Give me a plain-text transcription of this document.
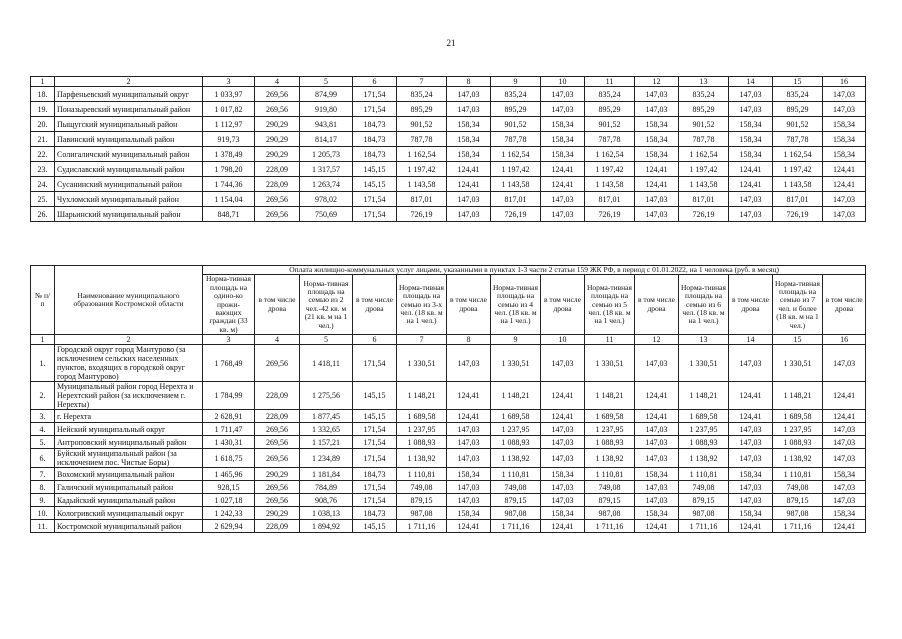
21
1	2	3	4	5	6	7	8	9	10	11	12	13	14	15	16
18.	Парфеньевский муниципальный округ	1 033,97	269,56	874,99	171,54	835,24	147,03	835,24	147,03	835,24	147,03	835,24	147,03	835,24	147,03
19.	Поназыревский муниципальный район	1 017,82	269,56	919,80	171,54	895,29	147,03	895,29	147,03	895,29	147,03	895,29	147,03	895,29	147,03
20.	Пыщугский муниципальный район	1 112,97	290,29	943,81	184,73	901,52	158,34	901,52	158,34	901,52	158,34	901,52	158,34	901,52	158,34
21.	Павинский муниципальный район	919,73	290,29	814,17	184,73	787,78	158,34	787,78	158,34	787,78	158,34	787,78	158,34	787,78	158,34
22.	Солигаличский муниципальный район	1 378,49	290,29	1 205,73	184,73	1 162,54	158,34	1 162,54	158,34	1 162,54	158,34	1 162,54	158,34	1 162,54	158,34
23.	Судиславский муниципальный район	1 798,20	228,09	1 317,57	145,15	1 197,42	124,41	1 197,42	124,41	1 197,42	124,41	1 197,42	124,41	1 197,42	124,41
24.	Сусанинский муниципальный район	1 744,36	228,09	1 263,74	145,15	1 143,58	124,41	1 143,58	124,41	1 143,58	124,41	1 143,58	124,41	1 143,58	124,41
25.	Чухломский муниципальный район	1 154,04	269,56	978,02	171,54	817,01	147,03	817,01	147,03	817,01	147,03	817,01	147,03	817,01	147,03
26.	Шарьинский муниципальный район	848,71	269,56	750,69	171,54	726,19	147,03	726,19	147,03	726,19	147,03	726,19	147,03	726,19	147,03
№ п/п	Наименование муниципального образования Костромской области	Оплата жилищно-коммунальных услуг лицами, указанными в пунктах 1-3 части 2 статьи 159 ЖК РФ, в период с 01.01.2022, на 1 человека (руб. в месяц)													
		Норма-тивная площадь на одино-ко прожи-вающих граждан (33 кв. м)	в том числе дрова	Норма-тивная площадь на семью из 2 чел.-42 кв. м (21 кв. м на 1 чел.)	в том числе дрова	Норма-тивная площадь на семью из 3-х чел. (18 кв. м на 1 чел.)	в том числе дрова	Норма-тивная площадь на семью из 4 чел. (18 кв. м на 1 чел.)	в том числе дрова	Норма-тивная площадь на семью из 5 чел. (18 кв. м на 1 чел.)	в том числе дрова	Норма-тивная площадь на семью из 6 чел. (18 кв. м на 1 чел.)	в том числе дрова	Норма-тивная площадь на семью из 7 чел. и более (18 кв. м на 1 чел.)	в том числе дрова
1	2	3	4	5	6	7	8	9	10	11	12	13	14	15	16
1.	Городской округ город Мантурово (за исключением сельских населенных пунктов, входящих в городской округ город Мантурово)	1 768,49	269,56	1 418,11	171,54	1 330,51	147,03	1 330,51	147,03	1 330,51	147,03	1 330,51	147,03	1 330,51	147,03
2.	Муниципальный район город Нерехта и Нерехтский район (за исключением г. Нерехты)	1 784,99	228,09	1 275,56	145,15	1 148,21	124,41	1 148,21	124,41	1 148,21	124,41	1 148,21	124,41	1 148,21	124,41
3.	г. Нерехта	2 628,91	228,09	1 877,45	145,15	1 689,58	124,41	1 689,58	124,41	1 689,58	124,41	1 689,58	124,41	1 689,58	124,41
4.	Нейский муниципальный округ	1 711,47	269,56	1 332,65	171,54	1 237,95	147,03	1 237,95	147,03	1 237,95	147,03	1 237,95	147,03	1 237,95	147,03
5.	Антроповский муниципальный район	1 430,31	269,56	1 157,21	171,54	1 088,93	147,03	1 088,93	147,03	1 088,93	147,03	1 088,93	147,03	1 088,93	147,03
6.	Буйский муниципальный район (за исключением пос. Чистые Боры)	1 618,75	269,56	1 234,89	171,54	1 138,92	147,03	1 138,92	147,03	1 138,92	147,03	1 138,92	147,03	1 138,92	147,03
7.	Вохомский муниципальный район	1 465,96	290,29	1 181,84	184,73	1 110,81	158,34	1 110,81	158,34	1 110,81	158,34	1 110,81	158,34	1 110,81	158,34
8.	Галичский муниципальный район	928,15	269,56	784,89	171,54	749,08	147,03	749,08	147,03	749,08	147,03	749,08	147,03	749,08	147,03
9.	Кадыйский муниципальный район	1 027,18	269,56	908,76	171,54	879,15	147,03	879,15	147,03	879,15	147,03	879,15	147,03	879,15	147,03
10.	Кологривский муниципальный округ	1 242,33	290,29	1 038,13	184,73	987,08	158,34	987,08	158,34	987,08	158,34	987,08	158,34	987,08	158,34
11.	Костромской муниципальный район	2 629,94	228,09	1 894,92	145,15	1 711,16	124,41	1 711,16	124,41	1 711,16	124,41	1 711,16	124,41	1 711,16	124,41
